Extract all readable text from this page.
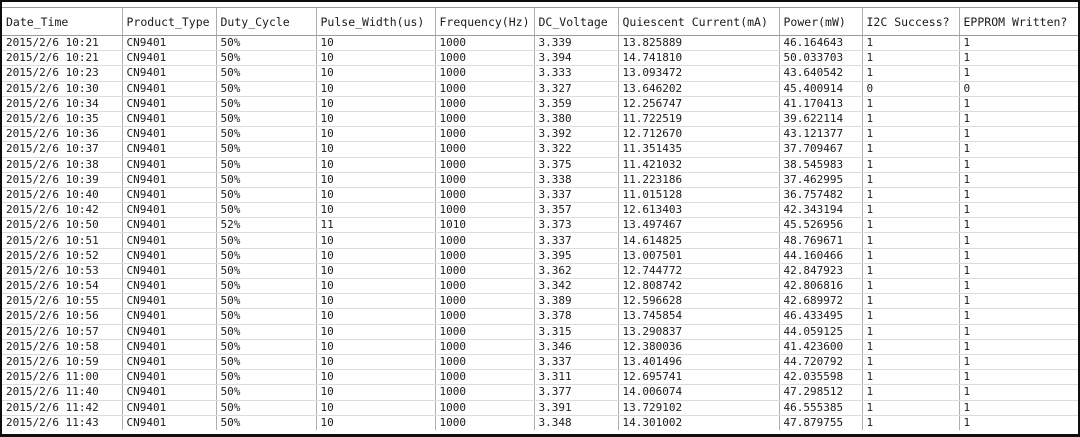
Date_Time	Product_Type	Duty_Cycle	Pulse_Width(us)	Frequency(Hz)	DC_Voltage	Quiescent Current(mA)	Power(mW)	I2C Success?	EPPROM Written?
2015/2/6 10:21	CN9401	50%	10	1000	3.339	13.825889	46.164643	1	1
2015/2/6 10:21	CN9401	50%	10	1000	3.394	14.741810	50.033703	1	1
2015/2/6 10:23	CN9401	50%	10	1000	3.333	13.093472	43.640542	1	1
2015/2/6 10:30	CN9401	50%	10	1000	3.327	13.646202	45.400914	0	0
2015/2/6 10:34	CN9401	50%	10	1000	3.359	12.256747	41.170413	1	1
2015/2/6 10:35	CN9401	50%	10	1000	3.380	11.722519	39.622114	1	1
2015/2/6 10:36	CN9401	50%	10	1000	3.392	12.712670	43.121377	1	1
2015/2/6 10:37	CN9401	50%	10	1000	3.322	11.351435	37.709467	1	1
2015/2/6 10:38	CN9401	50%	10	1000	3.375	11.421032	38.545983	1	1
2015/2/6 10:39	CN9401	50%	10	1000	3.338	11.223186	37.462995	1	1
2015/2/6 10:40	CN9401	50%	10	1000	3.337	11.015128	36.757482	1	1
2015/2/6 10:42	CN9401	50%	10	1000	3.357	12.613403	42.343194	1	1
2015/2/6 10:50	CN9401	52%	11	1010	3.373	13.497467	45.526956	1	1
2015/2/6 10:51	CN9401	50%	10	1000	3.337	14.614825	48.769671	1	1
2015/2/6 10:52	CN9401	50%	10	1000	3.395	13.007501	44.160466	1	1
2015/2/6 10:53	CN9401	50%	10	1000	3.362	12.744772	42.847923	1	1
2015/2/6 10:54	CN9401	50%	10	1000	3.342	12.808742	42.806816	1	1
2015/2/6 10:55	CN9401	50%	10	1000	3.389	12.596628	42.689972	1	1
2015/2/6 10:56	CN9401	50%	10	1000	3.378	13.745854	46.433495	1	1
2015/2/6 10:57	CN9401	50%	10	1000	3.315	13.290837	44.059125	1	1
2015/2/6 10:58	CN9401	50%	10	1000	3.346	12.380036	41.423600	1	1
2015/2/6 10:59	CN9401	50%	10	1000	3.337	13.401496	44.720792	1	1
2015/2/6 11:00	CN9401	50%	10	1000	3.311	12.695741	42.035598	1	1
2015/2/6 11:40	CN9401	50%	10	1000	3.377	14.006074	47.298512	1	1
2015/2/6 11:42	CN9401	50%	10	1000	3.391	13.729102	46.555385	1	1
2015/2/6 11:43	CN9401	50%	10	1000	3.348	14.301002	47.879755	1	1
